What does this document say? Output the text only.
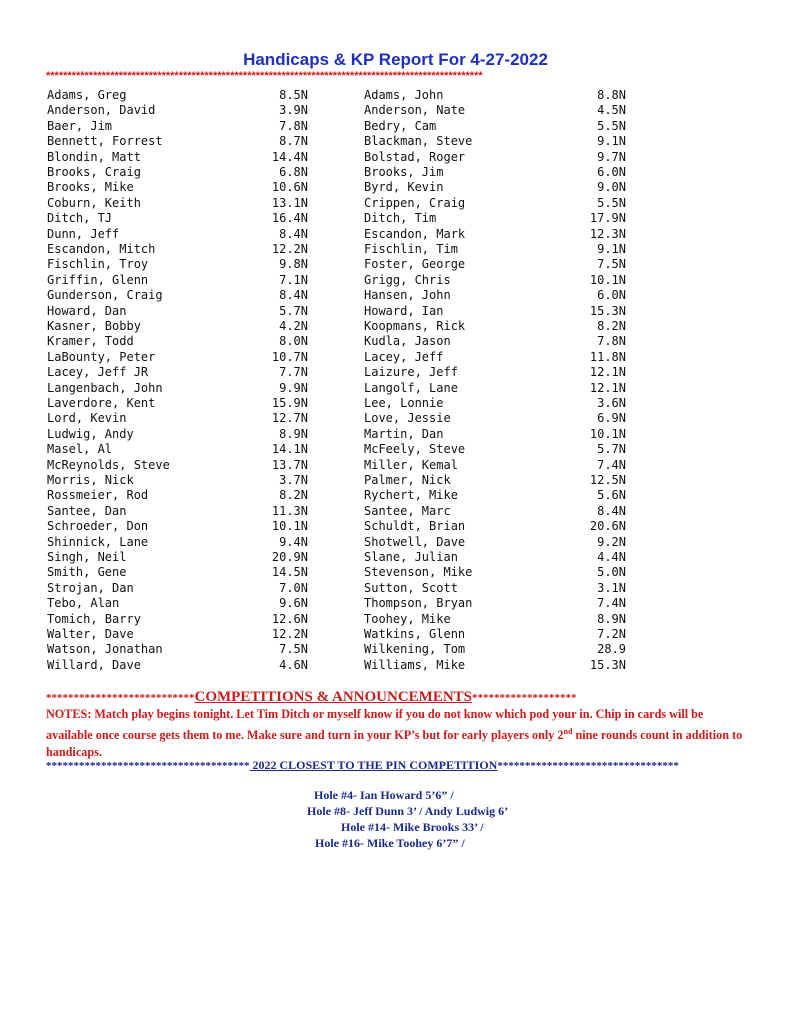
Handicaps & KP Report For 4-27-2022
******************************************************************************************************
Adams, Greg	8.5N	Adams, John	8.8N
Anderson, David	3.9N	Anderson, Nate	4.5N
Baer, Jim	7.8N	Bedry, Cam	5.5N
Bennett, Forrest	8.7N	Blackman, Steve	9.1N
Blondin, Matt	14.4N	Bolstad, Roger	9.7N
Brooks, Craig	6.8N	Brooks, Jim	6.0N
Brooks, Mike	10.6N	Byrd, Kevin	9.0N
Coburn, Keith	13.1N	Crippen, Craig	5.5N
Ditch, TJ	16.4N	Ditch, Tim	17.9N
Dunn, Jeff	8.4N	Escandon, Mark	12.3N
Escandon, Mitch	12.2N	Fischlin, Tim	9.1N
Fischlin, Troy	9.8N	Foster, George	7.5N
Griffin, Glenn	7.1N	Grigg, Chris	10.1N
Gunderson, Craig	8.4N	Hansen, John	6.0N
Howard, Dan	5.7N	Howard, Ian	15.3N
Kasner, Bobby	4.2N	Koopmans, Rick	8.2N
Kramer, Todd	8.0N	Kudla, Jason	7.8N
LaBounty, Peter	10.7N	Lacey, Jeff	11.8N
Lacey, Jeff JR	7.7N	Laizure, Jeff	12.1N
Langenbach, John	9.9N	Langolf, Lane	12.1N
Laverdore, Kent	15.9N	Lee, Lonnie	3.6N
Lord, Kevin	12.7N	Love, Jessie	6.9N
Ludwig, Andy	8.9N	Martin, Dan	10.1N
Masel, Al	14.1N	McFeely, Steve	5.7N
McReynolds, Steve	13.7N	Miller, Kemal	7.4N
Morris, Nick	3.7N	Palmer, Nick	12.5N
Rossmeier, Rod	8.2N	Rychert, Mike	5.6N
Santee, Dan	11.3N	Santee, Marc	8.4N
Schroeder, Don	10.1N	Schuldt, Brian	20.6N
Shinnick, Lane	9.4N	Shotwell, Dave	9.2N
Singh, Neil	20.9N	Slane, Julian	4.4N
Smith, Gene	14.5N	Stevenson, Mike	5.0N
Strojan, Dan	7.0N	Sutton, Scott	3.1N
Tebo, Alan	9.6N	Thompson, Bryan	7.4N
Tomich, Barry	12.6N	Toohey, Mike	8.9N
Walter, Dave	12.2N	Watkins, Glenn	7.2N
Watson, Jonathan	7.5N	Wilkening, Tom	28.9
Willard, Dave	4.6N	Williams, Mike	15.3N
***************************COMPETITIONS & ANNOUNCEMENTS*******************
NOTES: Match play begins tonight. Let Tim Ditch or myself know if you do not know which pod your in. Chip in cards will be available once course gets them to me. Make sure and turn in your KP’s but for early players only 2nd nine rounds count in addition to handicaps.
************************************* 2022 CLOSEST TO THE PIN COMPETITION*********************************
Hole #4- Ian Howard 5’6” /
Hole #8- Jeff Dunn 3’ / Andy Ludwig 6’
Hole #14- Mike Brooks 33’ /
Hole #16- Mike Toohey 6’7” /
